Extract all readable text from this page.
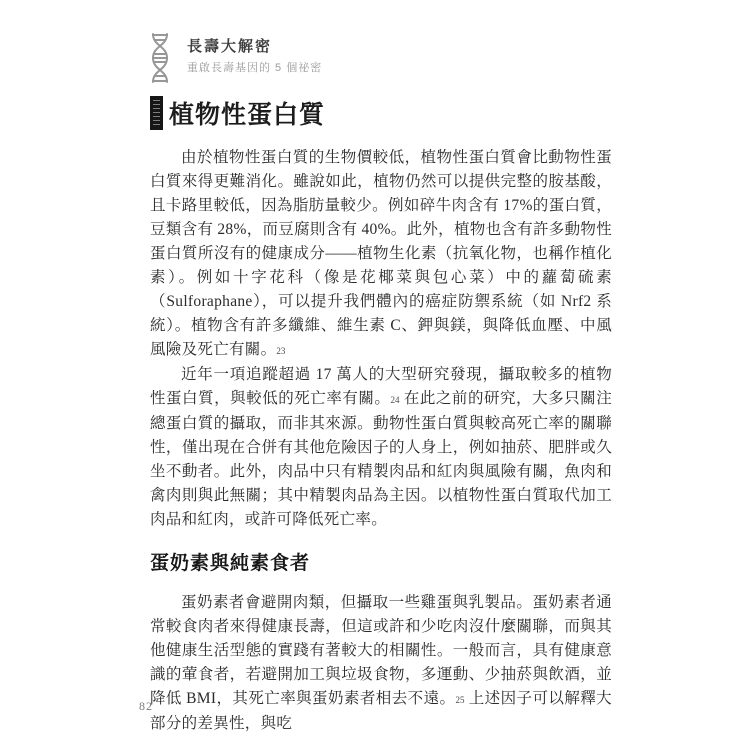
長壽大解密
重啟長壽基因的 5 個祕密
植物性蛋白質

由於植物性蛋白質的生物價較低，植物性蛋白質會比動物性蛋白質來得更難消化。雖說如此，植物仍然可以提供完整的胺基酸，且卡路里較低，因為脂肪量較少。例如碎牛肉含有 17%的蛋白質，豆類含有 28%，而豆腐則含有 40%。此外，植物也含有許多動物性蛋白質所沒有的健康成分——植物生化素（抗氧化物，也稱作植化素）。例如十字花科（像是花椰菜與包心菜）中的蘿蔔硫素（Sulforaphane），可以提升我們體內的癌症防禦系統（如 Nrf2 系統）。植物含有許多纖維、維生素 C、鉀與鎂，與降低血壓、中風風險及死亡有關。23

近年一項追蹤超過 17 萬人的大型研究發現，攝取較多的植物性蛋白質，與較低的死亡率有關。24 在此之前的研究，大多只關注總蛋白質的攝取，而非其來源。動物性蛋白質與較高死亡率的關聯性，僅出現在合併有其他危險因子的人身上，例如抽菸、肥胖或久坐不動者。此外，肉品中只有精製肉品和紅肉與風險有關，魚肉和禽肉則與此無關；其中精製肉品為主因。以植物性蛋白質取代加工肉品和紅肉，或許可降低死亡率。

蛋奶素與純素食者

蛋奶素者會避開肉類，但攝取一些雞蛋與乳製品。蛋奶素者通常較食肉者來得健康長壽，但這或許和少吃肉沒什麼關聯，而與其他健康生活型態的實踐有著較大的相關性。一般而言，具有健康意識的葷食者，若避開加工與垃圾食物，多運動、少抽菸與飲酒，並降低 BMI，其死亡率與蛋奶素者相去不遠。25 上述因子可以解釋大部分的差異性，與吃

82
